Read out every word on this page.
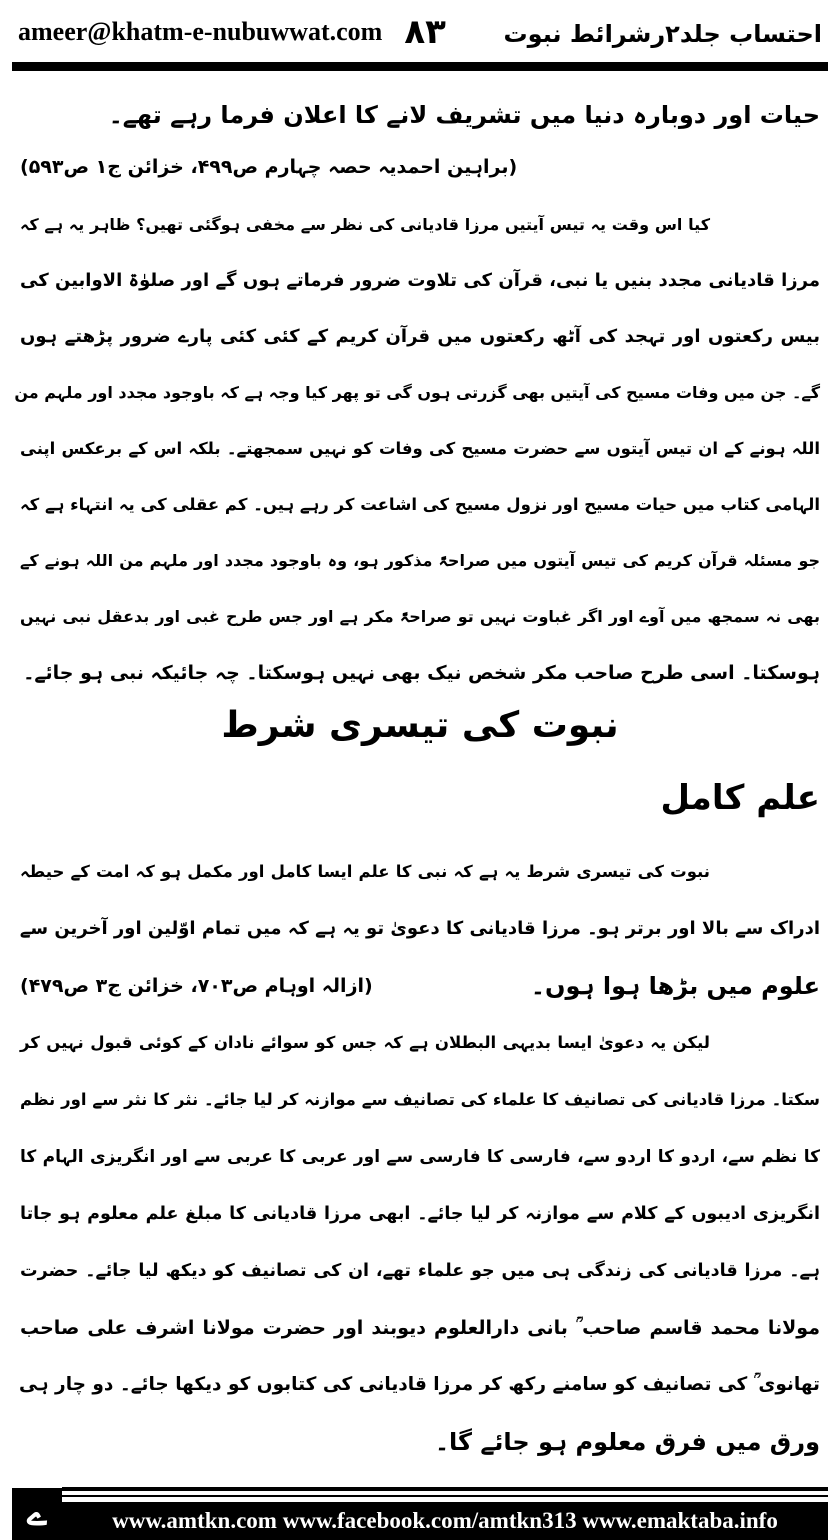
ameer@khatm-e-nubuwwat.com ۸۳ احتساب جلد۲رشرائط نبوت
حیات اور دوبارہ دنیا میں تشریف لانے کا اعلان فرما رہے تھے۔
(براہین احمدیہ حصہ چہارم ص۴۹۹، خزائن ج۱ ص۵۹۳)
کیا اس وقت یہ تیس آیتیں مرزا قادیانی کی نظر سے مخفی ہوگئی تھیں؟ ظاہر یہ ہے کہ
مرزا قادیانی مجدد بنیں یا نبی، قرآن کی تلاوت ضرور فرماتے ہوں گے اور صلوٰۃ الاوابین کی
بیس رکعتوں اور تہجد کی آٹھ رکعتوں میں قرآن کریم کے کئی کئی پارے ضرور پڑھتے ہوں
گے۔ جن میں وفات مسیح کی آیتیں بھی گزرتی ہوں گی تو پھر کیا وجہ ہے کہ باوجود مجدد اور ملہم من
اللہ ہونے کے ان تیس آیتوں سے حضرت مسیح کی وفات کو نہیں سمجھتے۔ بلکہ اس کے برعکس اپنی
الہامی کتاب میں حیات مسیح اور نزول مسیح کی اشاعت کر رہے ہیں۔ کم عقلی کی یہ انتہاء ہے کہ
جو مسئلہ قرآن کریم کی تیس آیتوں میں صراحۃً مذکور ہو، وہ باوجود مجدد اور ملہم من اللہ ہونے کے
بھی نہ سمجھ میں آوے اور اگر غباوت نہیں تو صراحۃً مکر ہے اور جس طرح غبی اور بدعقل نبی نہیں
ہوسکتا۔ اسی طرح صاحب مکر شخص نیک بھی نہیں ہوسکتا۔ چہ جائیکہ نبی ہو جائے۔
نبوت کی تیسری شرط
علم کامل
نبوت کی تیسری شرط یہ ہے کہ نبی کا علم ایسا کامل اور مکمل ہو کہ امت کے حیطہ
ادراک سے بالا اور برتر ہو۔ مرزا قادیانی کا دعویٰ تو یہ ہے کہ میں تمام اوّلین اور آخرین سے
علوم میں بڑھا ہوا ہوں۔
(ازالہ اوہام ص۷۰۳، خزائن ج۳ ص۴۷۹)
لیکن یہ دعویٰ ایسا بدیہی البطلان ہے کہ جس کو سوائے نادان کے کوئی قبول نہیں کر
سکتا۔ مرزا قادیانی کی تصانیف کا علماء کی تصانیف سے موازنہ کر لیا جائے۔ نثر کا نثر سے اور نظم
کا نظم سے، اردو کا اردو سے، فارسی کا فارسی سے اور عربی کا عربی سے اور انگریزی الہام کا
انگریزی ادیبوں کے کلام سے موازنہ کر لیا جائے۔ ابھی مرزا قادیانی کا مبلغ علم معلوم ہو جاتا
ہے۔ مرزا قادیانی کی زندگی ہی میں جو علماء تھے، ان کی تصانیف کو دیکھ لیا جائے۔ حضرت
مولانا محمد قاسم صاحب ؒ بانی دارالعلوم دیوبند اور حضرت مولانا اشرف علی صاحب
تھانوی ؒ کی تصانیف کو سامنے رکھ کر مرزا قادیانی کی کتابوں کو دیکھا جائے۔ دو چار ہی
ورق میں فرق معلوم ہو جائے گا۔
ے	www.amtkn.com www.facebook.com/amtkn313 www.emaktaba.info
